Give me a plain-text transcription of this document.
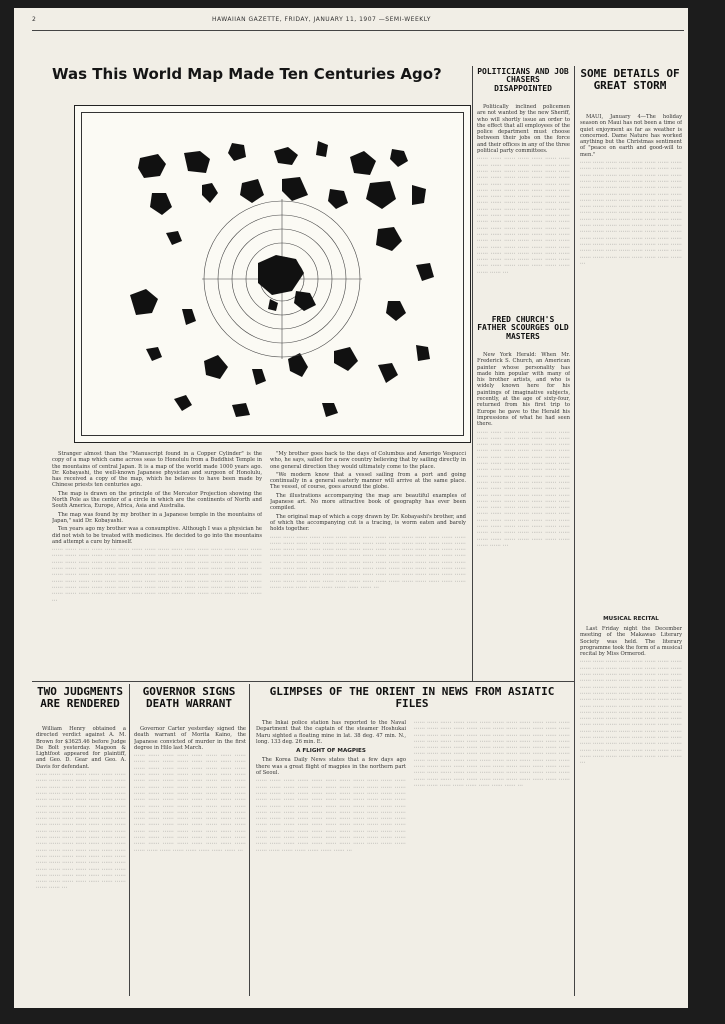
2	HAWAIIAN GAZETTE, FRIDAY, JANUARY 11, 1907 —SEMI-WEEKLY
Was This World Map Made Ten Centuries Ago?

Stranger almost than the "Manuscript found in a Copper Cylinder" is the copy of a map which came across seas to Honolulu from a Buddhist Temple in the mountains of central Japan. It is a map of the world made 1000 years ago. Dr. Kobayashi, the well-known Japanese physician and surgeon of Honolulu, has received a copy of the map, which he believes to have been made by Chinese priests ten centuries ago.

The map is drawn on the principle of the Mercator Projection showing the North Pole as the center of a circle in which are the continents of North and South America, Europe, Africa, Asia and Australia.

The map was found by my brother in a Japanese temple in the mountains of Japan," said Dr. Kobayashi.

Ten years ago my brother was a consumptive. Although I was a physician he did not wish to be treated with medicines. He decided to go into the mountains and attempt a cure by himself.

‧‧‧‧‧‧ ‧‧‧‧‧‧ ‧‧‧‧‧‧ ‧‧‧‧‧‧ ‧‧‧‧‧‧ ‧‧‧‧‧‧ ‧‧‧‧‧‧ ‧‧‧‧‧‧ ‧‧‧‧‧‧ ‧‧‧‧‧‧ ‧‧‧‧‧‧ ‧‧‧‧‧‧ ‧‧‧‧‧‧ ‧‧‧‧‧‧ ‧‧‧‧‧‧ ‧‧‧‧‧‧ ‧‧‧‧‧‧ ‧‧‧‧‧‧ ‧‧‧‧‧‧ ‧‧‧‧‧‧ ‧‧‧‧‧‧ ‧‧‧‧‧‧ ‧‧‧‧‧‧ ‧‧‧‧‧‧ ‧‧‧‧‧‧ ‧‧‧‧‧‧ ‧‧‧‧‧‧ ‧‧‧‧‧‧ ‧‧‧‧‧‧ ‧‧‧‧‧‧ ‧‧‧‧‧‧ ‧‧‧‧‧‧ ‧‧‧‧‧‧ ‧‧‧‧‧‧ ‧‧‧‧‧‧ ‧‧‧‧‧‧ ‧‧‧‧‧‧ ‧‧‧‧‧‧ ‧‧‧‧‧‧ ‧‧‧‧‧‧ ‧‧‧‧‧‧ ‧‧‧‧‧‧ ‧‧‧‧‧‧ ‧‧‧‧‧‧ ‧‧‧‧‧‧ ‧‧‧‧‧‧ ‧‧‧‧‧‧ ‧‧‧‧‧‧ ‧‧‧‧‧‧ ‧‧‧‧‧‧ ‧‧‧‧‧‧ ‧‧‧‧‧‧ ‧‧‧‧‧‧ ‧‧‧‧‧‧ ‧‧‧‧‧‧ ‧‧‧‧‧‧ ‧‧‧‧‧‧ ‧‧‧‧‧‧ ‧‧‧‧‧‧ ‧‧‧‧‧‧ ‧‧‧‧‧‧ ‧‧‧‧‧‧ ‧‧‧‧‧‧ ‧‧‧‧‧‧ ‧‧‧‧‧‧ ‧‧‧‧‧‧ ‧‧‧‧‧‧ ‧‧‧‧‧‧ ‧‧‧‧‧‧ ‧‧‧‧‧‧ ‧‧‧‧‧‧ ‧‧‧‧‧‧ ‧‧‧‧‧‧ ‧‧‧‧‧‧ ‧‧‧‧‧‧ ‧‧‧‧‧‧ ‧‧‧‧‧‧ ‧‧‧‧‧‧ ‧‧‧‧‧‧ ‧‧‧‧‧‧ ‧‧‧‧‧‧ ‧‧‧‧‧‧ ‧‧‧‧‧‧ ‧‧‧‧‧‧ ‧‧‧‧‧‧ ‧‧‧‧‧‧ ‧‧‧‧‧‧ ‧‧‧‧‧‧ ‧‧‧‧‧‧ ‧‧‧‧‧‧ ‧‧‧‧‧‧ ‧‧‧‧‧‧ ‧‧‧‧‧‧ ‧‧‧‧‧‧ ‧‧‧‧‧‧ ‧‧‧‧‧‧ ‧‧‧‧‧‧ ‧‧‧‧‧‧ ‧‧‧‧‧‧ ‧‧‧‧‧‧ ‧‧‧‧‧‧ ‧‧‧‧‧‧ ‧‧‧‧‧‧ ‧‧‧‧‧‧ ‧‧‧‧‧‧ ‧‧‧‧‧‧ ‧‧‧‧‧‧ ‧‧‧‧‧‧ ‧‧‧‧‧‧ ‧‧‧‧‧‧ ‧‧‧‧‧‧ ‧‧‧‧‧‧ ‧‧‧‧‧‧ ‧‧‧‧‧‧ ‧‧‧‧‧‧ ‧‧‧‧‧‧ ‧‧‧‧‧‧ ‧‧‧‧‧‧ ‧‧‧‧‧‧ ‧‧‧‧‧‧ ‧‧‧‧‧‧ ‧‧‧‧‧‧ ‧‧‧‧‧‧ ‧‧‧‧‧‧ ‧‧‧‧‧‧ ‧‧‧‧‧‧ ‧‧‧‧‧‧ ‧‧‧‧‧‧ ‧‧‧

"My brother goes back to the days of Columbus and Amerigo Vespucci who, he says, sailed for a new country believing that by sailing directly in one general direction they would ultimately come to the place.

"We modern know that a vessel sailing from a port and going continually in a general easterly manner will arrive at the same place. The vessel, of course, goes around the globe.

The illustrations accompanying the map are beautiful examples of Japanese art. No more attractive book of geography has ever been compiled.

The original map of which a copy drawn by Dr. Kobayashi's brother, and of which the accompanying cut is a tracing, is worm eaten and barely holds together.

‧‧‧‧‧‧ ‧‧‧‧‧‧ ‧‧‧‧‧‧ ‧‧‧‧‧‧ ‧‧‧‧‧‧ ‧‧‧‧‧‧ ‧‧‧‧‧‧ ‧‧‧‧‧‧ ‧‧‧‧‧‧ ‧‧‧‧‧‧ ‧‧‧‧‧‧ ‧‧‧‧‧‧ ‧‧‧‧‧‧ ‧‧‧‧‧‧ ‧‧‧‧‧‧ ‧‧‧‧‧‧ ‧‧‧‧‧‧ ‧‧‧‧‧‧ ‧‧‧‧‧‧ ‧‧‧‧‧‧ ‧‧‧‧‧‧ ‧‧‧‧‧‧ ‧‧‧‧‧‧ ‧‧‧‧‧‧ ‧‧‧‧‧‧ ‧‧‧‧‧‧ ‧‧‧‧‧‧ ‧‧‧‧‧‧ ‧‧‧‧‧‧ ‧‧‧‧‧‧ ‧‧‧‧‧‧ ‧‧‧‧‧‧ ‧‧‧‧‧‧ ‧‧‧‧‧‧ ‧‧‧‧‧‧ ‧‧‧‧‧‧ ‧‧‧‧‧‧ ‧‧‧‧‧‧ ‧‧‧‧‧‧ ‧‧‧‧‧‧ ‧‧‧‧‧‧ ‧‧‧‧‧‧ ‧‧‧‧‧‧ ‧‧‧‧‧‧ ‧‧‧‧‧‧ ‧‧‧‧‧‧ ‧‧‧‧‧‧ ‧‧‧‧‧‧ ‧‧‧‧‧‧ ‧‧‧‧‧‧ ‧‧‧‧‧‧ ‧‧‧‧‧‧ ‧‧‧‧‧‧ ‧‧‧‧‧‧ ‧‧‧‧‧‧ ‧‧‧‧‧‧ ‧‧‧‧‧‧ ‧‧‧‧‧‧ ‧‧‧‧‧‧ ‧‧‧‧‧‧ ‧‧‧‧‧‧ ‧‧‧‧‧‧ ‧‧‧‧‧‧ ‧‧‧‧‧‧ ‧‧‧‧‧‧ ‧‧‧‧‧‧ ‧‧‧‧‧‧ ‧‧‧‧‧‧ ‧‧‧‧‧‧ ‧‧‧‧‧‧ ‧‧‧‧‧‧ ‧‧‧‧‧‧ ‧‧‧‧‧‧ ‧‧‧‧‧‧ ‧‧‧‧‧‧ ‧‧‧‧‧‧ ‧‧‧‧‧‧ ‧‧‧‧‧‧ ‧‧‧‧‧‧ ‧‧‧‧‧‧ ‧‧‧‧‧‧ ‧‧‧‧‧‧ ‧‧‧‧‧‧ ‧‧‧‧‧‧ ‧‧‧‧‧‧ ‧‧‧‧‧‧ ‧‧‧‧‧‧ ‧‧‧‧‧‧ ‧‧‧‧‧‧ ‧‧‧‧‧‧ ‧‧‧‧‧‧ ‧‧‧‧‧‧ ‧‧‧‧‧‧ ‧‧‧‧‧‧ ‧‧‧‧‧‧ ‧‧‧‧‧‧ ‧‧‧‧‧‧ ‧‧‧‧‧‧ ‧‧‧‧‧‧ ‧‧‧‧‧‧ ‧‧‧‧‧‧ ‧‧‧‧‧‧ ‧‧‧‧‧‧ ‧‧‧‧‧‧ ‧‧‧‧‧‧ ‧‧‧‧‧‧ ‧‧‧‧‧‧ ‧‧‧‧‧‧ ‧‧‧‧‧‧ ‧‧‧‧‧‧ ‧‧‧‧‧‧ ‧‧‧‧‧‧ ‧‧‧‧‧‧ ‧‧‧‧‧‧ ‧‧‧‧‧‧ ‧‧‧‧‧‧ ‧‧‧‧‧‧ ‧‧‧‧‧‧ ‧‧‧‧‧‧ ‧‧‧‧‧‧ ‧‧‧‧‧‧ ‧‧‧‧‧‧ ‧‧‧‧‧‧ ‧‧‧‧‧‧ ‧‧‧‧‧‧ ‧‧‧‧‧‧ ‧‧‧‧‧‧ ‧‧‧‧‧‧ ‧‧‧
POLITICIANS AND JOB CHASERS DISAPPOINTED

Politically inclined policemen are not wanted by the new Sheriff, who will shortly issue an order to the effect that all employees of the police department must choose between their jobs on the force and their offices in any of the three political party committees.

‧‧‧‧‧‧ ‧‧‧‧‧‧ ‧‧‧‧‧‧ ‧‧‧‧‧‧ ‧‧‧‧‧‧ ‧‧‧‧‧‧ ‧‧‧‧‧‧ ‧‧‧‧‧‧ ‧‧‧‧‧‧ ‧‧‧‧‧‧ ‧‧‧‧‧‧ ‧‧‧‧‧‧ ‧‧‧‧‧‧ ‧‧‧‧‧‧ ‧‧‧‧‧‧ ‧‧‧‧‧‧ ‧‧‧‧‧‧ ‧‧‧‧‧‧ ‧‧‧‧‧‧ ‧‧‧‧‧‧ ‧‧‧‧‧‧ ‧‧‧‧‧‧ ‧‧‧‧‧‧ ‧‧‧‧‧‧ ‧‧‧‧‧‧ ‧‧‧‧‧‧ ‧‧‧‧‧‧ ‧‧‧‧‧‧ ‧‧‧‧‧‧ ‧‧‧‧‧‧ ‧‧‧‧‧‧ ‧‧‧‧‧‧ ‧‧‧‧‧‧ ‧‧‧‧‧‧ ‧‧‧‧‧‧ ‧‧‧‧‧‧ ‧‧‧‧‧‧ ‧‧‧‧‧‧ ‧‧‧‧‧‧ ‧‧‧‧‧‧ ‧‧‧‧‧‧ ‧‧‧‧‧‧ ‧‧‧‧‧‧ ‧‧‧‧‧‧ ‧‧‧‧‧‧ ‧‧‧‧‧‧ ‧‧‧‧‧‧ ‧‧‧‧‧‧ ‧‧‧‧‧‧ ‧‧‧‧‧‧ ‧‧‧‧‧‧ ‧‧‧‧‧‧ ‧‧‧‧‧‧ ‧‧‧‧‧‧ ‧‧‧‧‧‧ ‧‧‧‧‧‧ ‧‧‧‧‧‧ ‧‧‧‧‧‧ ‧‧‧‧‧‧ ‧‧‧‧‧‧ ‧‧‧‧‧‧ ‧‧‧‧‧‧ ‧‧‧‧‧‧ ‧‧‧‧‧‧ ‧‧‧‧‧‧ ‧‧‧‧‧‧ ‧‧‧‧‧‧ ‧‧‧‧‧‧ ‧‧‧‧‧‧ ‧‧‧‧‧‧ ‧‧‧‧‧‧ ‧‧‧‧‧‧ ‧‧‧‧‧‧ ‧‧‧‧‧‧ ‧‧‧‧‧‧ ‧‧‧‧‧‧ ‧‧‧‧‧‧ ‧‧‧‧‧‧ ‧‧‧‧‧‧ ‧‧‧‧‧‧ ‧‧‧‧‧‧ ‧‧‧‧‧‧ ‧‧‧‧‧‧ ‧‧‧‧‧‧ ‧‧‧‧‧‧ ‧‧‧‧‧‧ ‧‧‧‧‧‧ ‧‧‧‧‧‧ ‧‧‧‧‧‧ ‧‧‧‧‧‧ ‧‧‧‧‧‧ ‧‧‧‧‧‧ ‧‧‧‧‧‧ ‧‧‧‧‧‧ ‧‧‧‧‧‧ ‧‧‧‧‧‧ ‧‧‧‧‧‧ ‧‧‧‧‧‧ ‧‧‧‧‧‧ ‧‧‧‧‧‧ ‧‧‧‧‧‧ ‧‧‧‧‧‧ ‧‧‧‧‧‧ ‧‧‧‧‧‧ ‧‧‧‧‧‧ ‧‧‧‧‧‧ ‧‧‧‧‧‧ ‧‧‧‧‧‧ ‧‧‧‧‧‧ ‧‧‧‧‧‧ ‧‧‧‧‧‧ ‧‧‧‧‧‧ ‧‧‧‧‧‧ ‧‧‧‧‧‧ ‧‧‧‧‧‧ ‧‧‧‧‧‧ ‧‧‧‧‧‧ ‧‧‧‧‧‧ ‧‧‧‧‧‧ ‧‧‧‧‧‧ ‧‧‧‧‧‧ ‧‧‧‧‧‧ ‧‧‧‧‧‧ ‧‧‧‧‧‧ ‧‧‧‧‧‧ ‧‧‧‧‧‧ ‧‧‧‧‧‧ ‧‧‧‧‧‧ ‧‧‧
FRED CHURCH'S FATHER SCOURGES OLD MASTERS

New York Herald: When Mr. Frederick S. Church, an American painter whose personality has made him popular with many of his brother artists, and who is widely known here for his paintings of imaginative subjects, recently, at the age of sixty-four, returned from his first trip to Europe he gave to the Herald his impressions of what he had seen there.

‧‧‧‧‧‧ ‧‧‧‧‧‧ ‧‧‧‧‧‧ ‧‧‧‧‧‧ ‧‧‧‧‧‧ ‧‧‧‧‧‧ ‧‧‧‧‧‧ ‧‧‧‧‧‧ ‧‧‧‧‧‧ ‧‧‧‧‧‧ ‧‧‧‧‧‧ ‧‧‧‧‧‧ ‧‧‧‧‧‧ ‧‧‧‧‧‧ ‧‧‧‧‧‧ ‧‧‧‧‧‧ ‧‧‧‧‧‧ ‧‧‧‧‧‧ ‧‧‧‧‧‧ ‧‧‧‧‧‧ ‧‧‧‧‧‧ ‧‧‧‧‧‧ ‧‧‧‧‧‧ ‧‧‧‧‧‧ ‧‧‧‧‧‧ ‧‧‧‧‧‧ ‧‧‧‧‧‧ ‧‧‧‧‧‧ ‧‧‧‧‧‧ ‧‧‧‧‧‧ ‧‧‧‧‧‧ ‧‧‧‧‧‧ ‧‧‧‧‧‧ ‧‧‧‧‧‧ ‧‧‧‧‧‧ ‧‧‧‧‧‧ ‧‧‧‧‧‧ ‧‧‧‧‧‧ ‧‧‧‧‧‧ ‧‧‧‧‧‧ ‧‧‧‧‧‧ ‧‧‧‧‧‧ ‧‧‧‧‧‧ ‧‧‧‧‧‧ ‧‧‧‧‧‧ ‧‧‧‧‧‧ ‧‧‧‧‧‧ ‧‧‧‧‧‧ ‧‧‧‧‧‧ ‧‧‧‧‧‧ ‧‧‧‧‧‧ ‧‧‧‧‧‧ ‧‧‧‧‧‧ ‧‧‧‧‧‧ ‧‧‧‧‧‧ ‧‧‧‧‧‧ ‧‧‧‧‧‧ ‧‧‧‧‧‧ ‧‧‧‧‧‧ ‧‧‧‧‧‧ ‧‧‧‧‧‧ ‧‧‧‧‧‧ ‧‧‧‧‧‧ ‧‧‧‧‧‧ ‧‧‧‧‧‧ ‧‧‧‧‧‧ ‧‧‧‧‧‧ ‧‧‧‧‧‧ ‧‧‧‧‧‧ ‧‧‧‧‧‧ ‧‧‧‧‧‧ ‧‧‧‧‧‧ ‧‧‧‧‧‧ ‧‧‧‧‧‧ ‧‧‧‧‧‧ ‧‧‧‧‧‧ ‧‧‧‧‧‧ ‧‧‧‧‧‧ ‧‧‧‧‧‧ ‧‧‧‧‧‧ ‧‧‧‧‧‧ ‧‧‧‧‧‧ ‧‧‧‧‧‧ ‧‧‧‧‧‧ ‧‧‧‧‧‧ ‧‧‧‧‧‧ ‧‧‧‧‧‧ ‧‧‧‧‧‧ ‧‧‧‧‧‧ ‧‧‧‧‧‧ ‧‧‧‧‧‧ ‧‧‧‧‧‧ ‧‧‧‧‧‧ ‧‧‧‧‧‧ ‧‧‧‧‧‧ ‧‧‧‧‧‧ ‧‧‧‧‧‧ ‧‧‧‧‧‧ ‧‧‧‧‧‧ ‧‧‧‧‧‧ ‧‧‧‧‧‧ ‧‧‧‧‧‧ ‧‧‧‧‧‧ ‧‧‧‧‧‧ ‧‧‧‧‧‧ ‧‧‧‧‧‧ ‧‧‧‧‧‧ ‧‧‧‧‧‧ ‧‧‧‧‧‧ ‧‧‧‧‧‧ ‧‧‧‧‧‧ ‧‧‧‧‧‧ ‧‧‧‧‧‧ ‧‧‧‧‧‧ ‧‧‧‧‧‧ ‧‧‧‧‧‧ ‧‧‧‧‧‧ ‧‧‧‧‧‧ ‧‧‧‧‧‧ ‧‧‧‧‧‧ ‧‧‧‧‧‧ ‧‧‧‧‧‧ ‧‧‧‧‧‧ ‧‧‧‧‧‧ ‧‧‧‧‧‧ ‧‧‧‧‧‧ ‧‧‧‧‧‧ ‧‧‧‧‧‧ ‧‧‧
SOME DETAILS OF GREAT STORM

MAUI, January 4—The holiday season on Maui has not been a time of quiet enjoyment as far as weather is concerned. Dame Nature has worked anything but the Christmas sentiment of "peace on earth and good-will to men."

‧‧‧‧‧‧ ‧‧‧‧‧‧ ‧‧‧‧‧‧ ‧‧‧‧‧‧ ‧‧‧‧‧‧ ‧‧‧‧‧‧ ‧‧‧‧‧‧ ‧‧‧‧‧‧ ‧‧‧‧‧‧ ‧‧‧‧‧‧ ‧‧‧‧‧‧ ‧‧‧‧‧‧ ‧‧‧‧‧‧ ‧‧‧‧‧‧ ‧‧‧‧‧‧ ‧‧‧‧‧‧ ‧‧‧‧‧‧ ‧‧‧‧‧‧ ‧‧‧‧‧‧ ‧‧‧‧‧‧ ‧‧‧‧‧‧ ‧‧‧‧‧‧ ‧‧‧‧‧‧ ‧‧‧‧‧‧ ‧‧‧‧‧‧ ‧‧‧‧‧‧ ‧‧‧‧‧‧ ‧‧‧‧‧‧ ‧‧‧‧‧‧ ‧‧‧‧‧‧ ‧‧‧‧‧‧ ‧‧‧‧‧‧ ‧‧‧‧‧‧ ‧‧‧‧‧‧ ‧‧‧‧‧‧ ‧‧‧‧‧‧ ‧‧‧‧‧‧ ‧‧‧‧‧‧ ‧‧‧‧‧‧ ‧‧‧‧‧‧ ‧‧‧‧‧‧ ‧‧‧‧‧‧ ‧‧‧‧‧‧ ‧‧‧‧‧‧ ‧‧‧‧‧‧ ‧‧‧‧‧‧ ‧‧‧‧‧‧ ‧‧‧‧‧‧ ‧‧‧‧‧‧ ‧‧‧‧‧‧ ‧‧‧‧‧‧ ‧‧‧‧‧‧ ‧‧‧‧‧‧ ‧‧‧‧‧‧ ‧‧‧‧‧‧ ‧‧‧‧‧‧ ‧‧‧‧‧‧ ‧‧‧‧‧‧ ‧‧‧‧‧‧ ‧‧‧‧‧‧ ‧‧‧‧‧‧ ‧‧‧‧‧‧ ‧‧‧‧‧‧ ‧‧‧‧‧‧ ‧‧‧‧‧‧ ‧‧‧‧‧‧ ‧‧‧‧‧‧ ‧‧‧‧‧‧ ‧‧‧‧‧‧ ‧‧‧‧‧‧ ‧‧‧‧‧‧ ‧‧‧‧‧‧ ‧‧‧‧‧‧ ‧‧‧‧‧‧ ‧‧‧‧‧‧ ‧‧‧‧‧‧ ‧‧‧‧‧‧ ‧‧‧‧‧‧ ‧‧‧‧‧‧ ‧‧‧‧‧‧ ‧‧‧‧‧‧ ‧‧‧‧‧‧ ‧‧‧‧‧‧ ‧‧‧‧‧‧ ‧‧‧‧‧‧ ‧‧‧‧‧‧ ‧‧‧‧‧‧ ‧‧‧‧‧‧ ‧‧‧‧‧‧ ‧‧‧‧‧‧ ‧‧‧‧‧‧ ‧‧‧‧‧‧ ‧‧‧‧‧‧ ‧‧‧‧‧‧ ‧‧‧‧‧‧ ‧‧‧‧‧‧ ‧‧‧‧‧‧ ‧‧‧‧‧‧ ‧‧‧‧‧‧ ‧‧‧‧‧‧ ‧‧‧‧‧‧ ‧‧‧‧‧‧ ‧‧‧‧‧‧ ‧‧‧‧‧‧ ‧‧‧‧‧‧ ‧‧‧‧‧‧ ‧‧‧‧‧‧ ‧‧‧‧‧‧ ‧‧‧‧‧‧ ‧‧‧‧‧‧ ‧‧‧‧‧‧ ‧‧‧‧‧‧ ‧‧‧‧‧‧ ‧‧‧‧‧‧ ‧‧‧‧‧‧ ‧‧‧‧‧‧ ‧‧‧‧‧‧ ‧‧‧‧‧‧ ‧‧‧‧‧‧ ‧‧‧‧‧‧ ‧‧‧‧‧‧ ‧‧‧‧‧‧ ‧‧‧‧‧‧ ‧‧‧‧‧‧ ‧‧‧‧‧‧ ‧‧‧‧‧‧ ‧‧‧‧‧‧ ‧‧‧‧‧‧ ‧‧‧
MUSICAL RECITAL

Last Friday night the December meeting of the Makawao Literary Society was held. The literary programme took the form of a musical recital by Miss Ormerod.

‧‧‧‧‧‧ ‧‧‧‧‧‧ ‧‧‧‧‧‧ ‧‧‧‧‧‧ ‧‧‧‧‧‧ ‧‧‧‧‧‧ ‧‧‧‧‧‧ ‧‧‧‧‧‧ ‧‧‧‧‧‧ ‧‧‧‧‧‧ ‧‧‧‧‧‧ ‧‧‧‧‧‧ ‧‧‧‧‧‧ ‧‧‧‧‧‧ ‧‧‧‧‧‧ ‧‧‧‧‧‧ ‧‧‧‧‧‧ ‧‧‧‧‧‧ ‧‧‧‧‧‧ ‧‧‧‧‧‧ ‧‧‧‧‧‧ ‧‧‧‧‧‧ ‧‧‧‧‧‧ ‧‧‧‧‧‧ ‧‧‧‧‧‧ ‧‧‧‧‧‧ ‧‧‧‧‧‧ ‧‧‧‧‧‧ ‧‧‧‧‧‧ ‧‧‧‧‧‧ ‧‧‧‧‧‧ ‧‧‧‧‧‧ ‧‧‧‧‧‧ ‧‧‧‧‧‧ ‧‧‧‧‧‧ ‧‧‧‧‧‧ ‧‧‧‧‧‧ ‧‧‧‧‧‧ ‧‧‧‧‧‧ ‧‧‧‧‧‧ ‧‧‧‧‧‧ ‧‧‧‧‧‧ ‧‧‧‧‧‧ ‧‧‧‧‧‧ ‧‧‧‧‧‧ ‧‧‧‧‧‧ ‧‧‧‧‧‧ ‧‧‧‧‧‧ ‧‧‧‧‧‧ ‧‧‧‧‧‧ ‧‧‧‧‧‧ ‧‧‧‧‧‧ ‧‧‧‧‧‧ ‧‧‧‧‧‧ ‧‧‧‧‧‧ ‧‧‧‧‧‧ ‧‧‧‧‧‧ ‧‧‧‧‧‧ ‧‧‧‧‧‧ ‧‧‧‧‧‧ ‧‧‧‧‧‧ ‧‧‧‧‧‧ ‧‧‧‧‧‧ ‧‧‧‧‧‧ ‧‧‧‧‧‧ ‧‧‧‧‧‧ ‧‧‧‧‧‧ ‧‧‧‧‧‧ ‧‧‧‧‧‧ ‧‧‧‧‧‧ ‧‧‧‧‧‧ ‧‧‧‧‧‧ ‧‧‧‧‧‧ ‧‧‧‧‧‧ ‧‧‧‧‧‧ ‧‧‧‧‧‧ ‧‧‧‧‧‧ ‧‧‧‧‧‧ ‧‧‧‧‧‧ ‧‧‧‧‧‧ ‧‧‧‧‧‧ ‧‧‧‧‧‧ ‧‧‧‧‧‧ ‧‧‧‧‧‧ ‧‧‧‧‧‧ ‧‧‧‧‧‧ ‧‧‧‧‧‧ ‧‧‧‧‧‧ ‧‧‧‧‧‧ ‧‧‧‧‧‧ ‧‧‧‧‧‧ ‧‧‧‧‧‧ ‧‧‧‧‧‧ ‧‧‧‧‧‧ ‧‧‧‧‧‧ ‧‧‧‧‧‧ ‧‧‧‧‧‧ ‧‧‧‧‧‧ ‧‧‧‧‧‧ ‧‧‧‧‧‧ ‧‧‧‧‧‧ ‧‧‧‧‧‧ ‧‧‧‧‧‧ ‧‧‧‧‧‧ ‧‧‧‧‧‧ ‧‧‧‧‧‧ ‧‧‧‧‧‧ ‧‧‧‧‧‧ ‧‧‧‧‧‧ ‧‧‧‧‧‧ ‧‧‧‧‧‧ ‧‧‧‧‧‧ ‧‧‧‧‧‧ ‧‧‧‧‧‧ ‧‧‧‧‧‧ ‧‧‧‧‧‧ ‧‧‧‧‧‧ ‧‧‧‧‧‧ ‧‧‧‧‧‧ ‧‧‧‧‧‧ ‧‧‧‧‧‧ ‧‧‧‧‧‧ ‧‧‧‧‧‧ ‧‧‧‧‧‧ ‧‧‧‧‧‧ ‧‧‧‧‧‧ ‧‧‧‧‧‧ ‧‧‧‧‧‧ ‧‧‧
TWO JUDGMENTS ARE RENDERED

William Henry obtained a directed verdict against A. M. Brown for $3625.46 before Judge De Bolt yesterday. Magoon & Lightfoot appeared for plaintiff, and Geo. D. Gear and Geo. A. Davis for defendant.

‧‧‧‧‧‧ ‧‧‧‧‧‧ ‧‧‧‧‧‧ ‧‧‧‧‧‧ ‧‧‧‧‧‧ ‧‧‧‧‧‧ ‧‧‧‧‧‧ ‧‧‧‧‧‧ ‧‧‧‧‧‧ ‧‧‧‧‧‧ ‧‧‧‧‧‧ ‧‧‧‧‧‧ ‧‧‧‧‧‧ ‧‧‧‧‧‧ ‧‧‧‧‧‧ ‧‧‧‧‧‧ ‧‧‧‧‧‧ ‧‧‧‧‧‧ ‧‧‧‧‧‧ ‧‧‧‧‧‧ ‧‧‧‧‧‧ ‧‧‧‧‧‧ ‧‧‧‧‧‧ ‧‧‧‧‧‧ ‧‧‧‧‧‧ ‧‧‧‧‧‧ ‧‧‧‧‧‧ ‧‧‧‧‧‧ ‧‧‧‧‧‧ ‧‧‧‧‧‧ ‧‧‧‧‧‧ ‧‧‧‧‧‧ ‧‧‧‧‧‧ ‧‧‧‧‧‧ ‧‧‧‧‧‧ ‧‧‧‧‧‧ ‧‧‧‧‧‧ ‧‧‧‧‧‧ ‧‧‧‧‧‧ ‧‧‧‧‧‧ ‧‧‧‧‧‧ ‧‧‧‧‧‧ ‧‧‧‧‧‧ ‧‧‧‧‧‧ ‧‧‧‧‧‧ ‧‧‧‧‧‧ ‧‧‧‧‧‧ ‧‧‧‧‧‧ ‧‧‧‧‧‧ ‧‧‧‧‧‧ ‧‧‧‧‧‧ ‧‧‧‧‧‧ ‧‧‧‧‧‧ ‧‧‧‧‧‧ ‧‧‧‧‧‧ ‧‧‧‧‧‧ ‧‧‧‧‧‧ ‧‧‧‧‧‧ ‧‧‧‧‧‧ ‧‧‧‧‧‧ ‧‧‧‧‧‧ ‧‧‧‧‧‧ ‧‧‧‧‧‧ ‧‧‧‧‧‧ ‧‧‧‧‧‧ ‧‧‧‧‧‧ ‧‧‧‧‧‧ ‧‧‧‧‧‧ ‧‧‧‧‧‧ ‧‧‧‧‧‧ ‧‧‧‧‧‧ ‧‧‧‧‧‧ ‧‧‧‧‧‧ ‧‧‧‧‧‧ ‧‧‧‧‧‧ ‧‧‧‧‧‧ ‧‧‧‧‧‧ ‧‧‧‧‧‧ ‧‧‧‧‧‧ ‧‧‧‧‧‧ ‧‧‧‧‧‧ ‧‧‧‧‧‧ ‧‧‧‧‧‧ ‧‧‧‧‧‧ ‧‧‧‧‧‧ ‧‧‧‧‧‧ ‧‧‧‧‧‧ ‧‧‧‧‧‧ ‧‧‧‧‧‧ ‧‧‧‧‧‧ ‧‧‧‧‧‧ ‧‧‧‧‧‧ ‧‧‧‧‧‧ ‧‧‧‧‧‧ ‧‧‧‧‧‧ ‧‧‧‧‧‧ ‧‧‧‧‧‧ ‧‧‧‧‧‧ ‧‧‧‧‧‧ ‧‧‧‧‧‧ ‧‧‧‧‧‧ ‧‧‧‧‧‧ ‧‧‧‧‧‧ ‧‧‧‧‧‧ ‧‧‧‧‧‧ ‧‧‧‧‧‧ ‧‧‧‧‧‧ ‧‧‧‧‧‧ ‧‧‧‧‧‧ ‧‧‧‧‧‧ ‧‧‧‧‧‧ ‧‧‧‧‧‧ ‧‧‧‧‧‧ ‧‧‧‧‧‧ ‧‧‧‧‧‧ ‧‧‧‧‧‧ ‧‧‧‧‧‧ ‧‧‧‧‧‧ ‧‧‧‧‧‧ ‧‧‧‧‧‧ ‧‧‧‧‧‧ ‧‧‧‧‧‧ ‧‧‧‧‧‧ ‧‧‧‧‧‧ ‧‧‧‧‧‧ ‧‧‧‧‧‧ ‧‧‧‧‧‧ ‧‧‧‧‧‧ ‧‧‧
GOVERNOR SIGNS DEATH WARRANT

Governor Carter yesterday signed the death warrant of Morita Kaino, the Japanese convicted of murder in the first degree in Hilo last March.

‧‧‧‧‧‧ ‧‧‧‧‧‧ ‧‧‧‧‧‧ ‧‧‧‧‧‧ ‧‧‧‧‧‧ ‧‧‧‧‧‧ ‧‧‧‧‧‧ ‧‧‧‧‧‧ ‧‧‧‧‧‧ ‧‧‧‧‧‧ ‧‧‧‧‧‧ ‧‧‧‧‧‧ ‧‧‧‧‧‧ ‧‧‧‧‧‧ ‧‧‧‧‧‧ ‧‧‧‧‧‧ ‧‧‧‧‧‧ ‧‧‧‧‧‧ ‧‧‧‧‧‧ ‧‧‧‧‧‧ ‧‧‧‧‧‧ ‧‧‧‧‧‧ ‧‧‧‧‧‧ ‧‧‧‧‧‧ ‧‧‧‧‧‧ ‧‧‧‧‧‧ ‧‧‧‧‧‧ ‧‧‧‧‧‧ ‧‧‧‧‧‧ ‧‧‧‧‧‧ ‧‧‧‧‧‧ ‧‧‧‧‧‧ ‧‧‧‧‧‧ ‧‧‧‧‧‧ ‧‧‧‧‧‧ ‧‧‧‧‧‧ ‧‧‧‧‧‧ ‧‧‧‧‧‧ ‧‧‧‧‧‧ ‧‧‧‧‧‧ ‧‧‧‧‧‧ ‧‧‧‧‧‧ ‧‧‧‧‧‧ ‧‧‧‧‧‧ ‧‧‧‧‧‧ ‧‧‧‧‧‧ ‧‧‧‧‧‧ ‧‧‧‧‧‧ ‧‧‧‧‧‧ ‧‧‧‧‧‧ ‧‧‧‧‧‧ ‧‧‧‧‧‧ ‧‧‧‧‧‧ ‧‧‧‧‧‧ ‧‧‧‧‧‧ ‧‧‧‧‧‧ ‧‧‧‧‧‧ ‧‧‧‧‧‧ ‧‧‧‧‧‧ ‧‧‧‧‧‧ ‧‧‧‧‧‧ ‧‧‧‧‧‧ ‧‧‧‧‧‧ ‧‧‧‧‧‧ ‧‧‧‧‧‧ ‧‧‧‧‧‧ ‧‧‧‧‧‧ ‧‧‧‧‧‧ ‧‧‧‧‧‧ ‧‧‧‧‧‧ ‧‧‧‧‧‧ ‧‧‧‧‧‧ ‧‧‧‧‧‧ ‧‧‧‧‧‧ ‧‧‧‧‧‧ ‧‧‧‧‧‧ ‧‧‧‧‧‧ ‧‧‧‧‧‧ ‧‧‧‧‧‧ ‧‧‧‧‧‧ ‧‧‧‧‧‧ ‧‧‧‧‧‧ ‧‧‧‧‧‧ ‧‧‧‧‧‧ ‧‧‧‧‧‧ ‧‧‧‧‧‧ ‧‧‧‧‧‧ ‧‧‧‧‧‧ ‧‧‧‧‧‧ ‧‧‧‧‧‧ ‧‧‧‧‧‧ ‧‧‧‧‧‧ ‧‧‧‧‧‧ ‧‧‧‧‧‧ ‧‧‧‧‧‧ ‧‧‧‧‧‧ ‧‧‧‧‧‧ ‧‧‧‧‧‧ ‧‧‧‧‧‧ ‧‧‧‧‧‧ ‧‧‧‧‧‧ ‧‧‧‧‧‧ ‧‧‧‧‧‧ ‧‧‧‧‧‧ ‧‧‧‧‧‧ ‧‧‧‧‧‧ ‧‧‧‧‧‧ ‧‧‧‧‧‧ ‧‧‧‧‧‧ ‧‧‧‧‧‧ ‧‧‧‧‧‧ ‧‧‧‧‧‧ ‧‧‧‧‧‧ ‧‧‧‧‧‧ ‧‧‧‧‧‧ ‧‧‧‧‧‧ ‧‧‧‧‧‧ ‧‧‧‧‧‧ ‧‧‧‧‧‧ ‧‧‧‧‧‧ ‧‧‧‧‧‧ ‧‧‧‧‧‧ ‧‧‧‧‧‧ ‧‧‧‧‧‧ ‧‧‧‧‧‧ ‧‧‧‧‧‧ ‧‧‧‧‧‧ ‧‧‧‧‧‧ ‧‧‧
GLIMPSES OF THE ORIENT IN NEWS FROM ASIATIC FILES

The Inkai police station has reported to the Naval Department that the captain of the steamer Hoshukai Maru sighted a floating mine in lat. 38 deg. 47 min. N., long. 133 deg. 26 min. E.

A FLIGHT OF MAGPIES

The Korea Daily News states that a few days ago there was a great flight of magpies in the northern part of Seoul.

‧‧‧‧‧‧ ‧‧‧‧‧‧ ‧‧‧‧‧‧ ‧‧‧‧‧‧ ‧‧‧‧‧‧ ‧‧‧‧‧‧ ‧‧‧‧‧‧ ‧‧‧‧‧‧ ‧‧‧‧‧‧ ‧‧‧‧‧‧ ‧‧‧‧‧‧ ‧‧‧‧‧‧ ‧‧‧‧‧‧ ‧‧‧‧‧‧ ‧‧‧‧‧‧ ‧‧‧‧‧‧ ‧‧‧‧‧‧ ‧‧‧‧‧‧ ‧‧‧‧‧‧ ‧‧‧‧‧‧ ‧‧‧‧‧‧ ‧‧‧‧‧‧ ‧‧‧‧‧‧ ‧‧‧‧‧‧ ‧‧‧‧‧‧ ‧‧‧‧‧‧ ‧‧‧‧‧‧ ‧‧‧‧‧‧ ‧‧‧‧‧‧ ‧‧‧‧‧‧ ‧‧‧‧‧‧ ‧‧‧‧‧‧ ‧‧‧‧‧‧ ‧‧‧‧‧‧ ‧‧‧‧‧‧ ‧‧‧‧‧‧ ‧‧‧‧‧‧ ‧‧‧‧‧‧ ‧‧‧‧‧‧ ‧‧‧‧‧‧ ‧‧‧‧‧‧ ‧‧‧‧‧‧ ‧‧‧‧‧‧ ‧‧‧‧‧‧ ‧‧‧‧‧‧ ‧‧‧‧‧‧ ‧‧‧‧‧‧ ‧‧‧‧‧‧ ‧‧‧‧‧‧ ‧‧‧‧‧‧ ‧‧‧‧‧‧ ‧‧‧‧‧‧ ‧‧‧‧‧‧ ‧‧‧‧‧‧ ‧‧‧‧‧‧ ‧‧‧‧‧‧ ‧‧‧‧‧‧ ‧‧‧‧‧‧ ‧‧‧‧‧‧ ‧‧‧‧‧‧ ‧‧‧‧‧‧ ‧‧‧‧‧‧ ‧‧‧‧‧‧ ‧‧‧‧‧‧ ‧‧‧‧‧‧ ‧‧‧‧‧‧ ‧‧‧‧‧‧ ‧‧‧‧‧‧ ‧‧‧‧‧‧ ‧‧‧‧‧‧ ‧‧‧‧‧‧ ‧‧‧‧‧‧ ‧‧‧‧‧‧ ‧‧‧‧‧‧ ‧‧‧‧‧‧ ‧‧‧‧‧‧ ‧‧‧‧‧‧ ‧‧‧‧‧‧ ‧‧‧‧‧‧ ‧‧‧‧‧‧ ‧‧‧‧‧‧ ‧‧‧‧‧‧ ‧‧‧‧‧‧ ‧‧‧‧‧‧ ‧‧‧‧‧‧ ‧‧‧‧‧‧ ‧‧‧‧‧‧ ‧‧‧‧‧‧ ‧‧‧‧‧‧ ‧‧‧‧‧‧ ‧‧‧‧‧‧ ‧‧‧‧‧‧ ‧‧‧‧‧‧ ‧‧‧‧‧‧ ‧‧‧‧‧‧ ‧‧‧‧‧‧ ‧‧‧‧‧‧ ‧‧‧‧‧‧ ‧‧‧‧‧‧ ‧‧‧‧‧‧ ‧‧‧‧‧‧ ‧‧‧‧‧‧ ‧‧‧‧‧‧ ‧‧‧‧‧‧ ‧‧‧‧‧‧ ‧‧‧‧‧‧ ‧‧‧‧‧‧ ‧‧‧‧‧‧ ‧‧‧‧‧‧ ‧‧‧‧‧‧ ‧‧‧‧‧‧ ‧‧‧‧‧‧ ‧‧‧‧‧‧ ‧‧‧‧‧‧ ‧‧‧‧‧‧ ‧‧‧‧‧‧ ‧‧‧‧‧‧ ‧‧‧‧‧‧ ‧‧‧‧‧‧ ‧‧‧‧‧‧ ‧‧‧‧‧‧ ‧‧‧‧‧‧ ‧‧‧‧‧‧ ‧‧‧‧‧‧ ‧‧‧‧‧‧ ‧‧‧‧‧‧ ‧‧‧‧‧‧ ‧‧‧‧‧‧ ‧‧‧
‧‧‧‧‧‧ ‧‧‧‧‧‧ ‧‧‧‧‧‧ ‧‧‧‧‧‧ ‧‧‧‧‧‧ ‧‧‧‧‧‧ ‧‧‧‧‧‧ ‧‧‧‧‧‧ ‧‧‧‧‧‧ ‧‧‧‧‧‧ ‧‧‧‧‧‧ ‧‧‧‧‧‧ ‧‧‧‧‧‧ ‧‧‧‧‧‧ ‧‧‧‧‧‧ ‧‧‧‧‧‧ ‧‧‧‧‧‧ ‧‧‧‧‧‧ ‧‧‧‧‧‧ ‧‧‧‧‧‧ ‧‧‧‧‧‧ ‧‧‧‧‧‧ ‧‧‧‧‧‧ ‧‧‧‧‧‧ ‧‧‧‧‧‧ ‧‧‧‧‧‧ ‧‧‧‧‧‧ ‧‧‧‧‧‧ ‧‧‧‧‧‧ ‧‧‧‧‧‧ ‧‧‧‧‧‧ ‧‧‧‧‧‧ ‧‧‧‧‧‧ ‧‧‧‧‧‧ ‧‧‧‧‧‧ ‧‧‧‧‧‧ ‧‧‧‧‧‧ ‧‧‧‧‧‧ ‧‧‧‧‧‧ ‧‧‧‧‧‧ ‧‧‧‧‧‧ ‧‧‧‧‧‧ ‧‧‧‧‧‧ ‧‧‧‧‧‧ ‧‧‧‧‧‧ ‧‧‧‧‧‧ ‧‧‧‧‧‧ ‧‧‧‧‧‧ ‧‧‧‧‧‧ ‧‧‧‧‧‧ ‧‧‧‧‧‧ ‧‧‧‧‧‧ ‧‧‧‧‧‧ ‧‧‧‧‧‧ ‧‧‧‧‧‧ ‧‧‧‧‧‧ ‧‧‧‧‧‧ ‧‧‧‧‧‧ ‧‧‧‧‧‧ ‧‧‧‧‧‧ ‧‧‧‧‧‧ ‧‧‧‧‧‧ ‧‧‧‧‧‧ ‧‧‧‧‧‧ ‧‧‧‧‧‧ ‧‧‧‧‧‧ ‧‧‧‧‧‧ ‧‧‧‧‧‧ ‧‧‧‧‧‧ ‧‧‧‧‧‧ ‧‧‧‧‧‧ ‧‧‧‧‧‧ ‧‧‧‧‧‧ ‧‧‧‧‧‧ ‧‧‧‧‧‧ ‧‧‧‧‧‧ ‧‧‧‧‧‧ ‧‧‧‧‧‧ ‧‧‧‧‧‧ ‧‧‧‧‧‧ ‧‧‧‧‧‧ ‧‧‧‧‧‧ ‧‧‧‧‧‧ ‧‧‧‧‧‧ ‧‧‧‧‧‧ ‧‧‧‧‧‧ ‧‧‧‧‧‧ ‧‧‧‧‧‧ ‧‧‧‧‧‧ ‧‧‧‧‧‧ ‧‧‧‧‧‧ ‧‧‧‧‧‧ ‧‧‧‧‧‧ ‧‧‧‧‧‧ ‧‧‧‧‧‧ ‧‧‧‧‧‧ ‧‧‧‧‧‧ ‧‧‧‧‧‧ ‧‧‧‧‧‧ ‧‧‧‧‧‧ ‧‧‧‧‧‧ ‧‧‧‧‧‧ ‧‧‧‧‧‧ ‧‧‧‧‧‧ ‧‧‧‧‧‧ ‧‧‧‧‧‧ ‧‧‧‧‧‧ ‧‧‧‧‧‧ ‧‧‧‧‧‧ ‧‧‧‧‧‧ ‧‧‧‧‧‧ ‧‧‧‧‧‧ ‧‧‧‧‧‧ ‧‧‧‧‧‧ ‧‧‧‧‧‧ ‧‧‧‧‧‧ ‧‧‧‧‧‧ ‧‧‧‧‧‧ ‧‧‧‧‧‧ ‧‧‧‧‧‧ ‧‧‧‧‧‧ ‧‧‧‧‧‧ ‧‧‧‧‧‧ ‧‧‧‧‧‧ ‧‧‧‧‧‧ ‧‧‧‧‧‧ ‧‧‧‧‧‧ ‧‧‧‧‧‧ ‧‧‧
